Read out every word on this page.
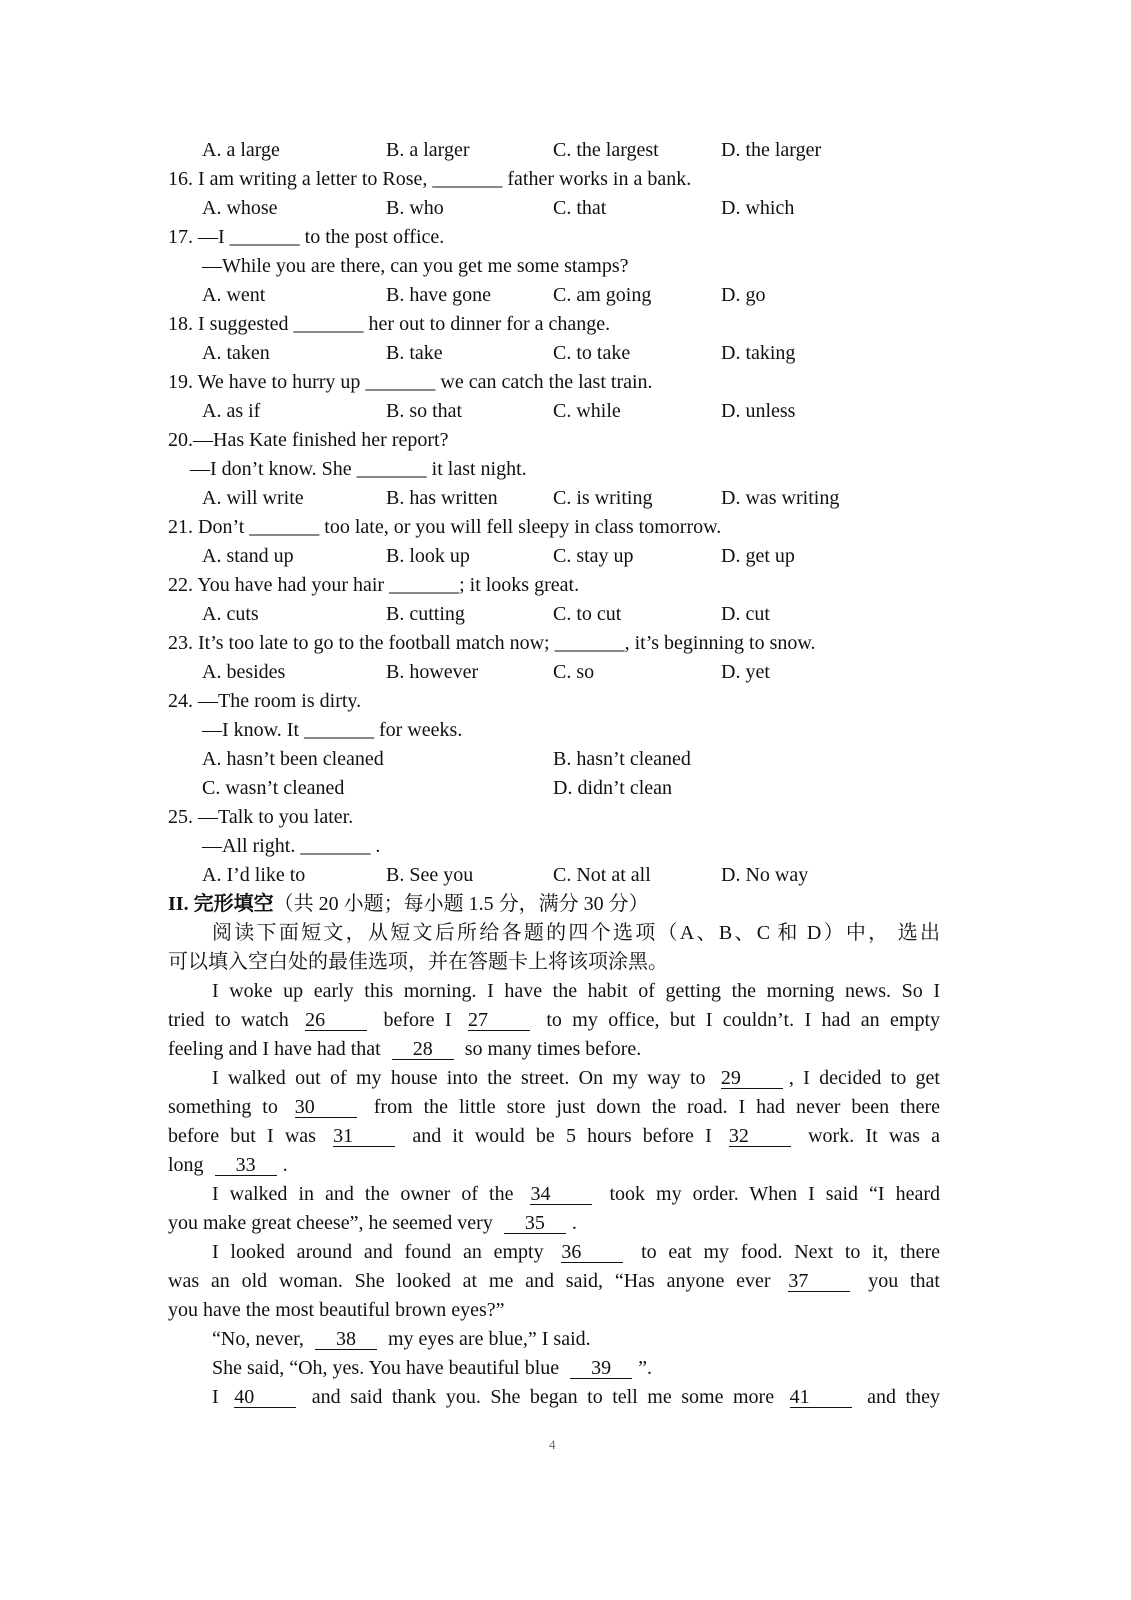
A. a large	B. a larger	C. the largest	D. the larger
16. I am writing a letter to Rose, _______ father works in a bank.
A. whose	B. who	C. that	D. which
17. —I _______ to the post office.
—While you are there, can you get me some stamps?
A. went	B. have gone	C. am going	D. go
18. I suggested _______ her out to dinner for a change.
A. taken	B. take	C. to take	D. taking
19. We have to hurry up _______ we can catch the last train.
A. as if	B. so that	C. while	D. unless
20.—Has Kate finished her report?
—I don’t know. She _______ it last night.
A. will write	B. has written	C. is writing	D. was writing
21. Don’t _______ too late, or you will fell sleepy in class tomorrow.
A. stand up	B. look up	C. stay up	D. get up
22. You have had your hair _______; it looks great.
A. cuts	B. cutting	C. to cut	D. cut
23. It’s too late to go to the football match now; _______, it’s beginning to snow.
A. besides	B. however	C. so	D. yet
24. —The room is dirty.
—I know. It _______ for weeks.
A. hasn’t been cleaned	B. hasn’t cleaned
C. wasn’t cleaned	D. didn’t clean
25. —Talk to you later.
—All right. _______ .
A. I’d like to	B. See you	C. Not at all	D. No way
II. 完形填空（共 20 小题；每小题 1.5 分，满分 30 分）
阅读下面短文，从短文后所给各题的四个选项（A、B、C 和 D）中， 选出
可以填入空白处的最佳选项，并在答题卡上将该项涂黑。
I woke up early this morning. I have the habit of getting the morning news. So I
tried to watch 26 before I 27 to my office, but I couldn’t. I had an empty
feeling and I have had that 28 so many times before.
I walked out of my house into the street. On my way to 29 , I decided to get
something to 30 from the little store just down the road. I had never been there
before but I was 31 and it would be 5 hours before I 32 work. It was a
long 33 .
I walked in and the owner of the 34 took my order. When I said “I heard
you make great cheese”, he seemed very 35 .
I looked around and found an empty 36 to eat my food. Next to it, there
was an old woman. She looked at me and said, “Has anyone ever 37 you that
you have the most beautiful brown eyes?”
“No, never, 38 my eyes are blue,” I said.
She said, “Oh, yes. You have beautiful blue 39 ”.
I 40 and said thank you. She began to tell me some more 41 and they
4
